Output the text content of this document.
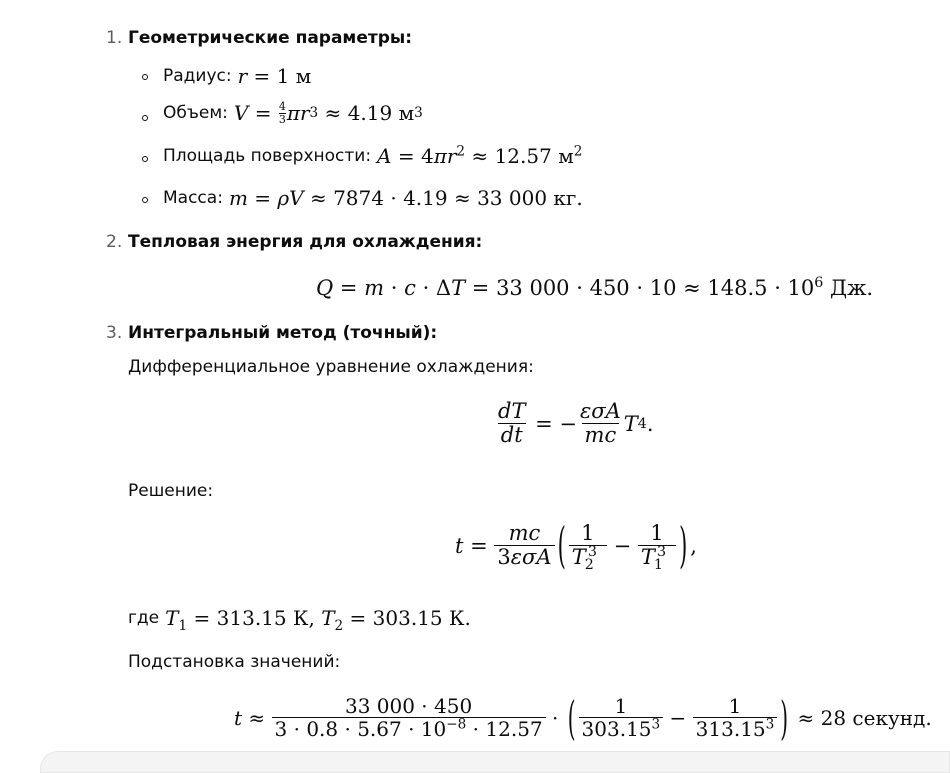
1. Геометрические параметры:
Радиус: r = 1 м
Объем: V = 4
3 πr 3 ≈ 4.19
м 3
Площадь поверхности: $A = 4\pi r^2 \approx 12.57$ $м^2$
Масса: m = ρV ≈ 7874 · 4.19 ≈ 33 000 кг.
2. Тепловая энергия для охлаждения:
Q = m · c · ΔT = 33 $000 \cdot 450 \cdot 10 \approx 148.5 \cdot 10^6$ Дж.
3. Интегральный метод (точный):
Дифференциальное уравнение охлаждения:
$\frac{dT}{dt}$ = − $\frac{\text{εσA}}{mc}$ T 4 .
Решение:
$t = \frac{mc}{\text{3εσA}}$ ( $\frac{1}{T_2^3} - \frac{1}{T_1^3}$ ) ,
где $T_1 = 313.15$ К, $T_2 = 303.15$ К.
Подстановка значений:
$t \approx \frac{33 000 \cdot 450}{3 \cdot 0.8 \cdot 5.67 \cdot 10^{-8} \cdot 12.57}$ · ( $\frac{1}{303.15^3} - \frac{1}{313.15^3}$ ) ≈ 28 секунд.
